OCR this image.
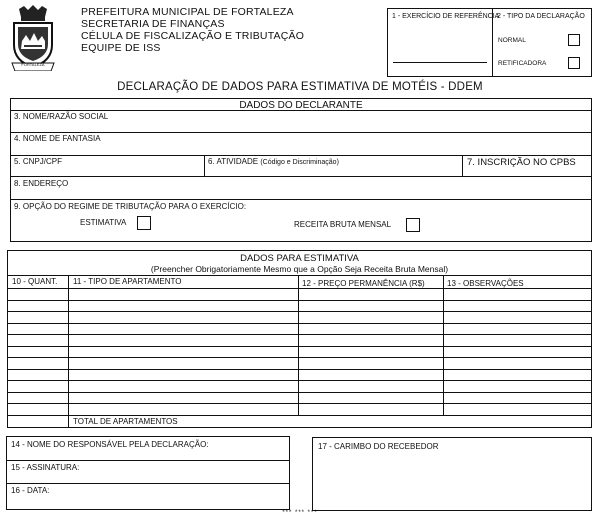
FORTALEZA
PREFEITURA MUNICIPAL DE FORTALEZA
SECRETARIA DE FINANÇAS
CÉLULA DE FISCALIZAÇÃO E TRIBUTAÇÃO
EQUIPE DE ISS
1 - EXERCÍCIO DE REFERÊNCIA
2 - TIPO DA DECLARAÇÃO
NORMAL
RETIFICADORA
DECLARAÇÃO DE DADOS PARA ESTIMATIVA DE MOTÉIS - DDEM
DADOS DO DECLARANTE
3. NOME/RAZÃO SOCIAL
4. NOME DE FANTASIA
5. CNPJ/CPF	6. ATIVIDADE (Código e Discriminação)	7. INSCRIÇÃO NO CPBS
8. ENDEREÇO
9. OPÇÃO DO REGIME DE TRIBUTAÇÃO PARA O EXERCÍCIO:
ESTIMATIVA	RECEITA BRUTA MENSAL
DADOS PARA ESTIMATIVA
(Preencher Obrigatoriamente Mesmo que a Opção Seja Receita Bruta Mensal)
10 - QUANT. 11 - TIPO DE APARTAMENTO	12 - PREÇO PERMANÊNCIA (R$)	13 - OBSERVAÇÕES
TOTAL DE APARTAMENTOS
14 - NOME DO RESPONSÁVEL PELA DECLARAÇÃO:
15 - ASSINATURA:
16 - DATA:
17 - CARIMBO DO RECEBEDOR
*** *** ***
